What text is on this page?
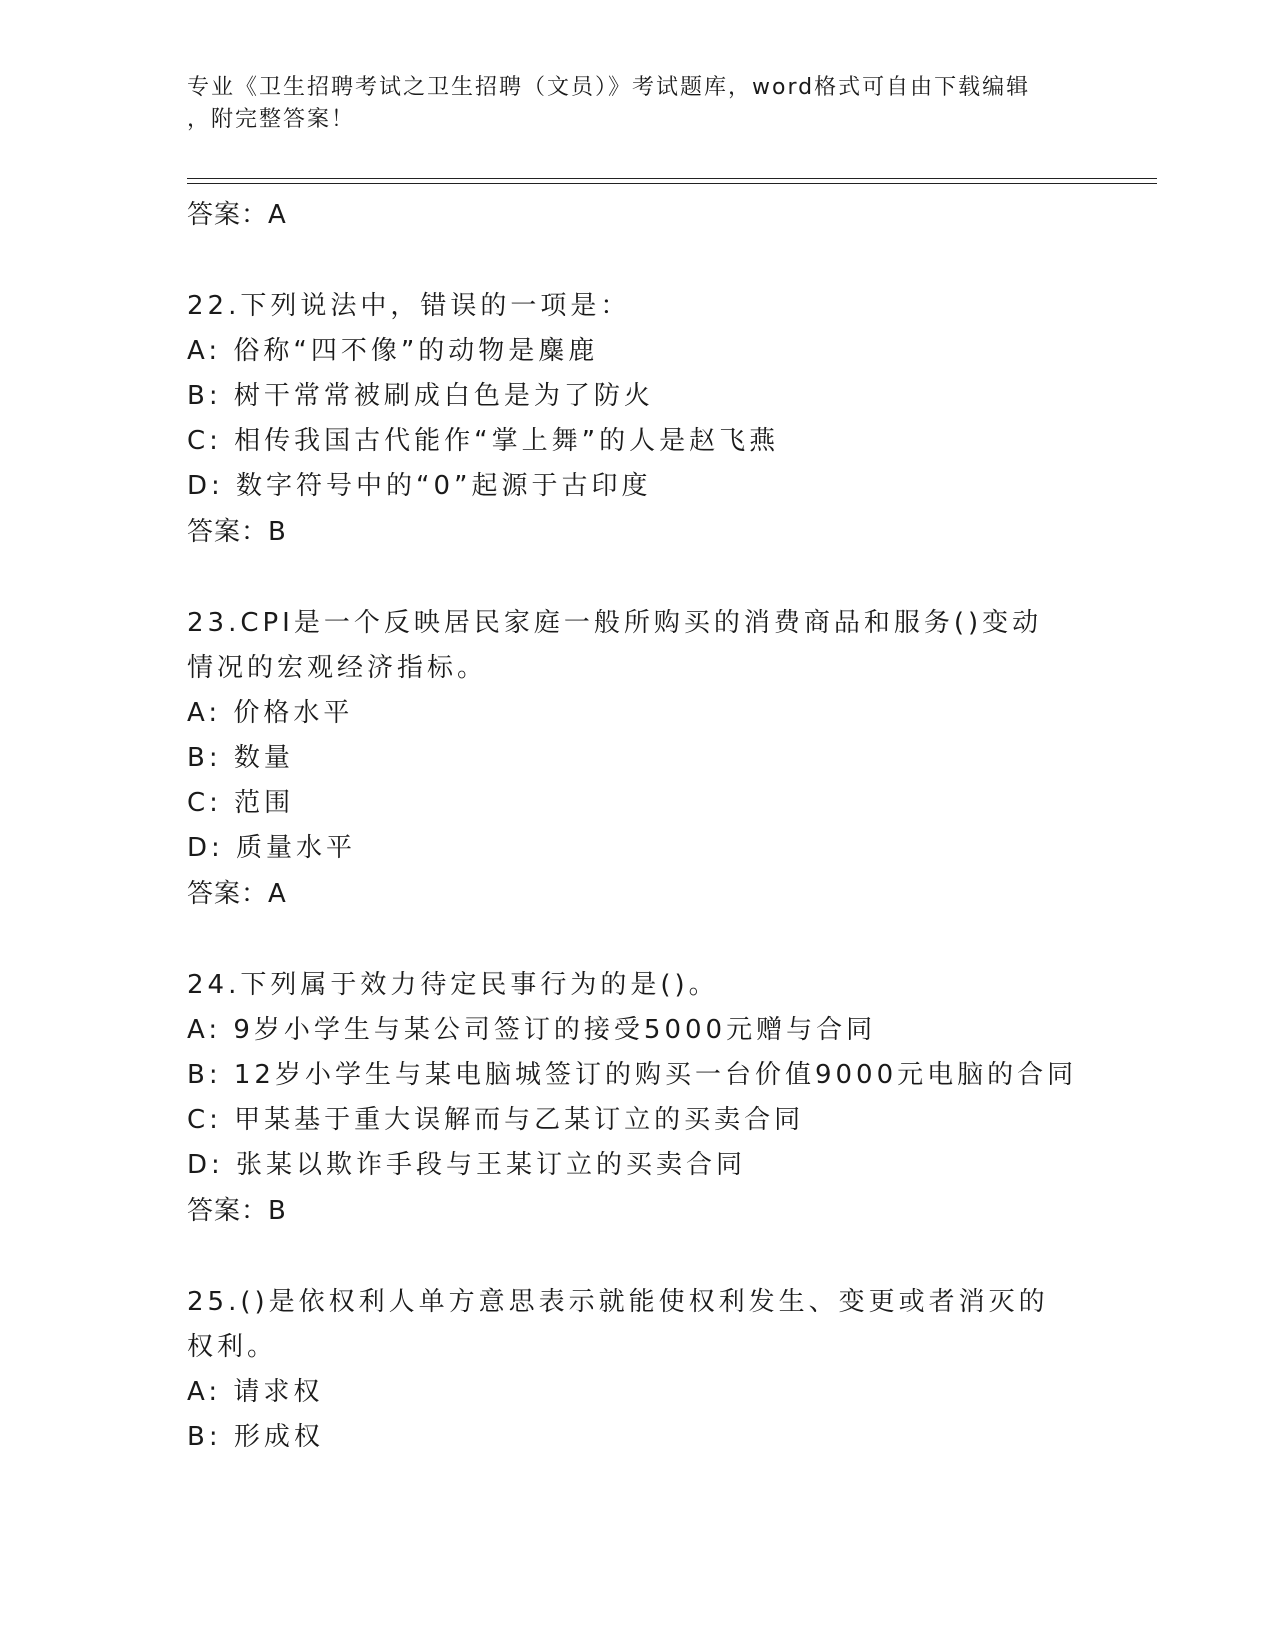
专业《卫生招聘考试之卫生招聘（文员）》考试题库，word格式可自由下载编辑
，附完整答案！
答案：A
22.下列说法中，错误的一项是：
A: 俗称“四不像”的动物是麋鹿
B: 树干常常被刷成白色是为了防火
C: 相传我国古代能作“掌上舞”的人是赵飞燕
D: 数字符号中的“0”起源于古印度
答案：B
23.CPI是一个反映居民家庭一般所购买的消费商品和服务()变动情况的宏观经济指标。
A: 价格水平
B: 数量
C: 范围
D: 质量水平
答案：A
24.下列属于效力待定民事行为的是()。
A: 9岁小学生与某公司签订的接受5000元赠与合同
B: 12岁小学生与某电脑城签订的购买一台价值9000元电脑的合同
C: 甲某基于重大误解而与乙某订立的买卖合同
D: 张某以欺诈手段与王某订立的买卖合同
答案：B
25.()是依权利人单方意思表示就能使权利发生、变更或者消灭的权利。
A: 请求权
B: 形成权
